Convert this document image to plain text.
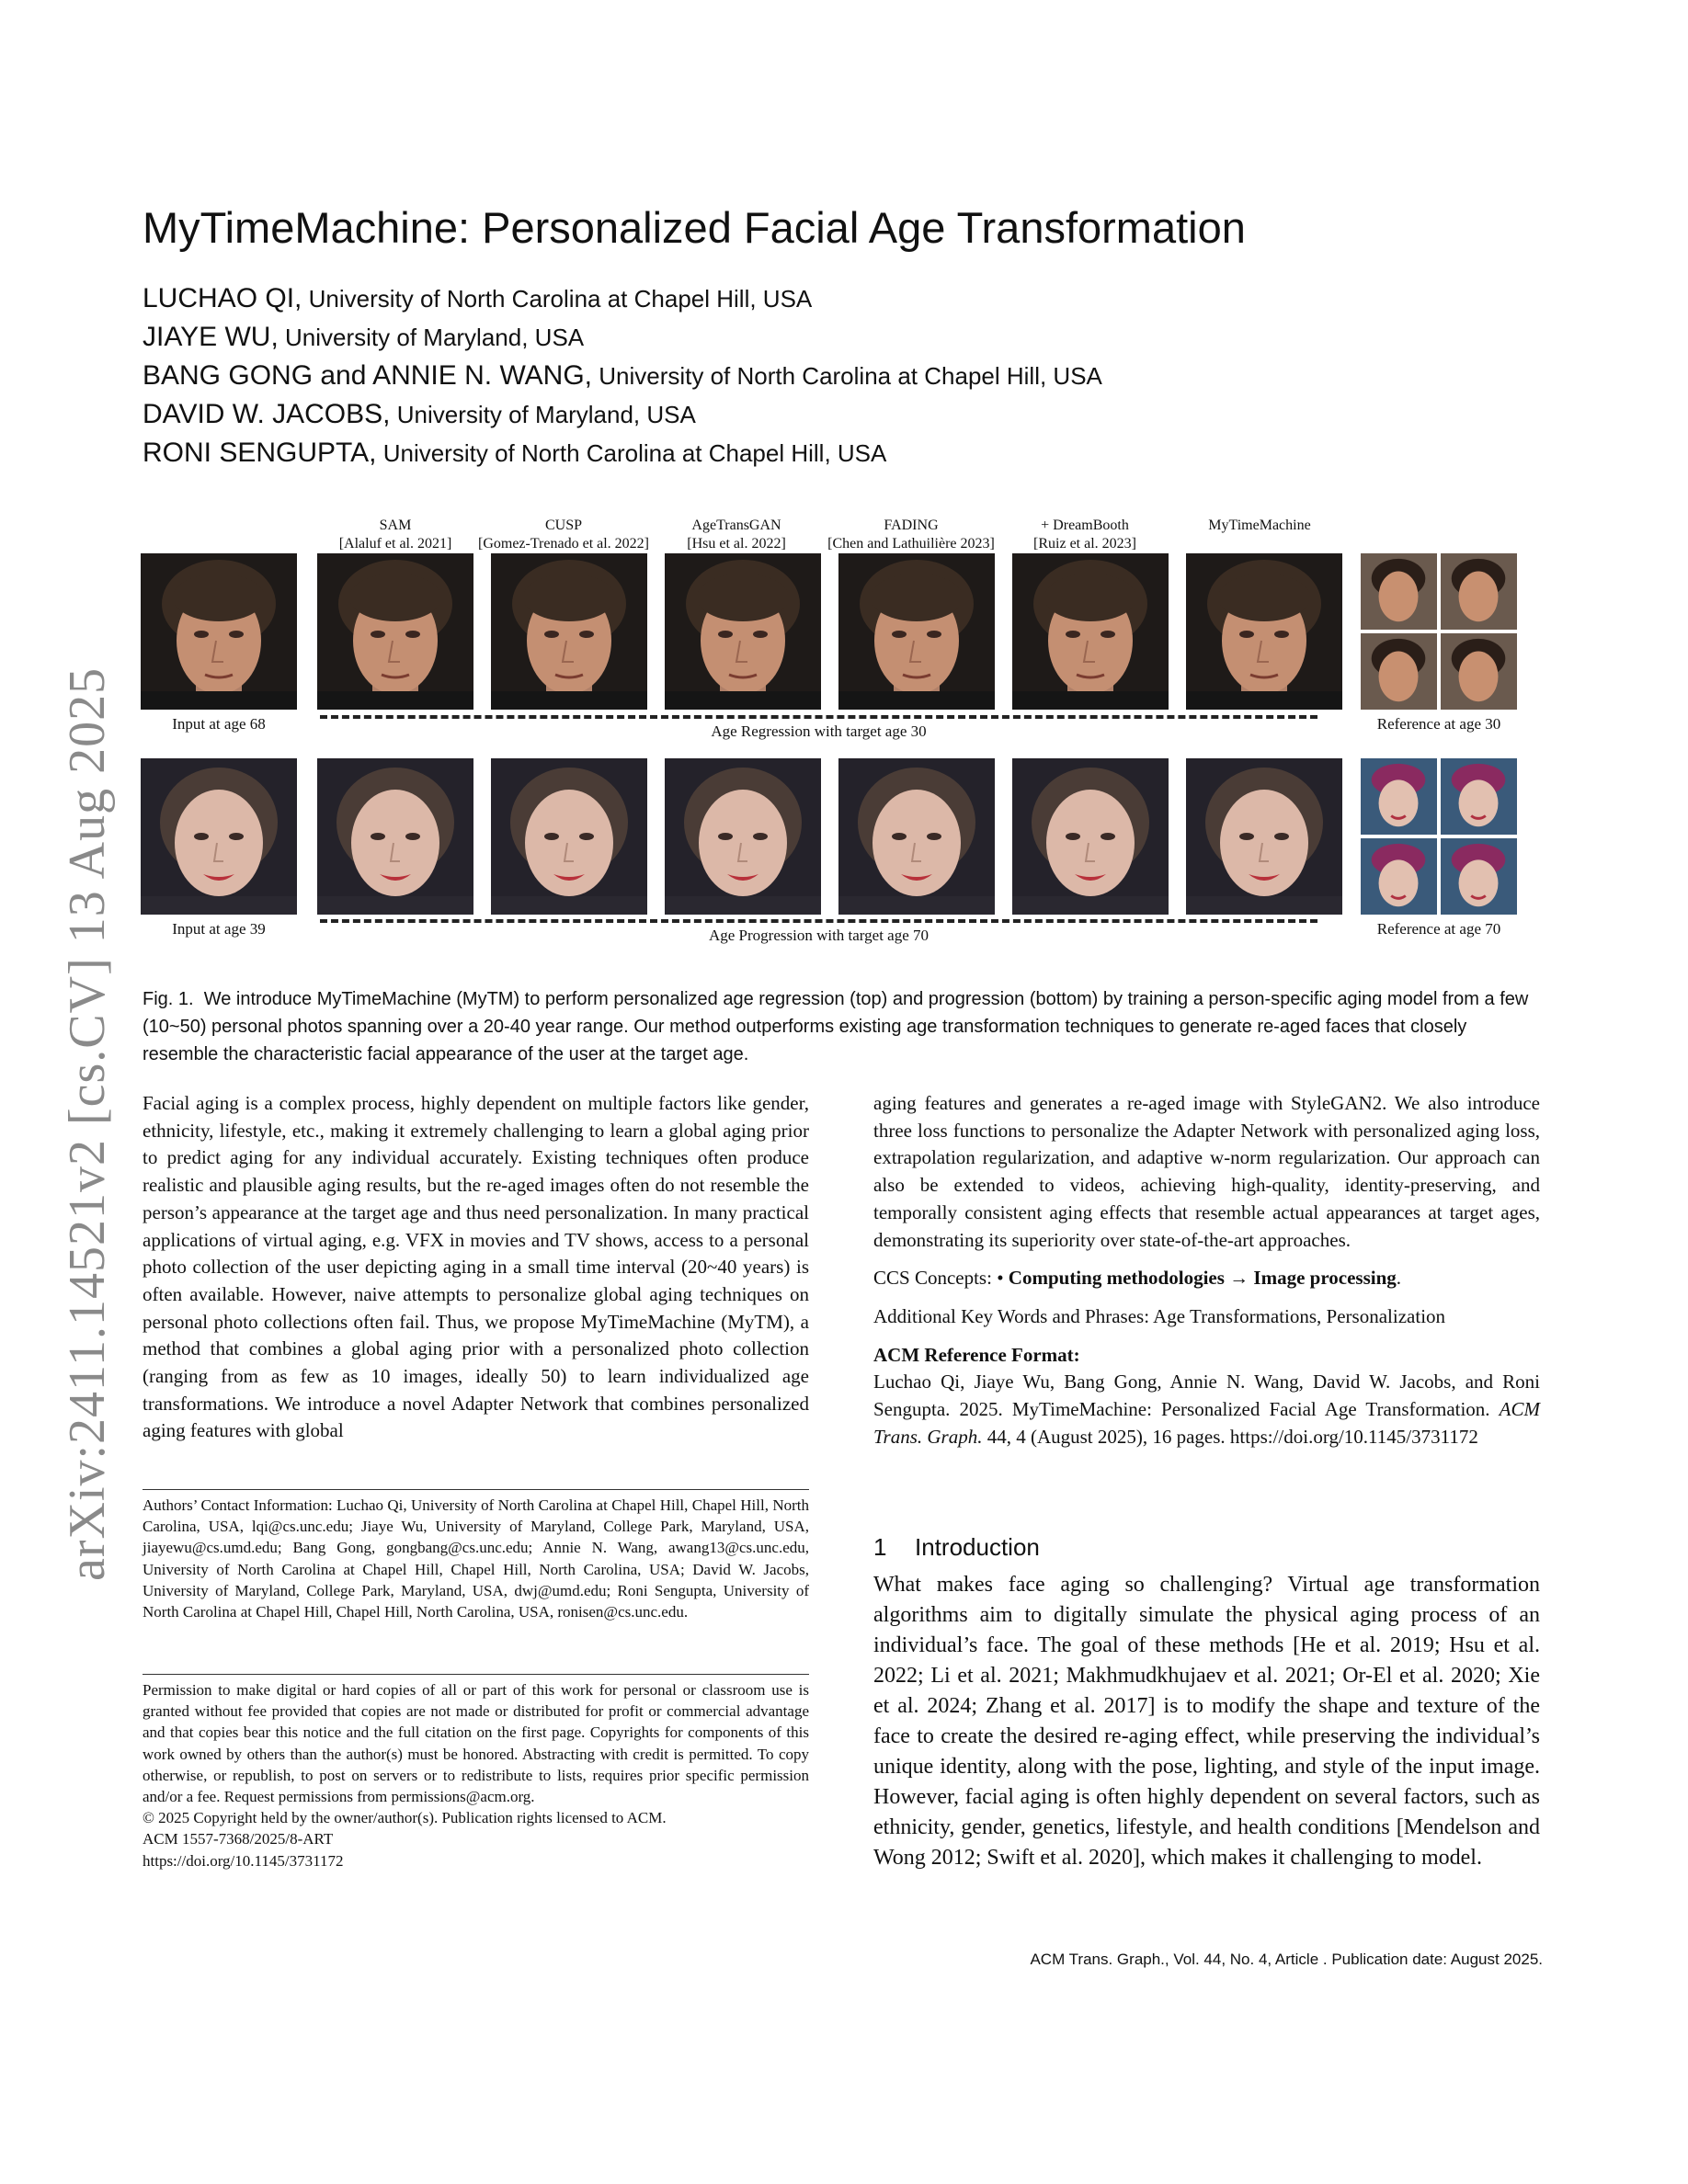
arXiv:2411.14521v2 [cs.CV] 13 Aug 2025
MyTimeMachine: Personalized Facial Age Transformation
LUCHAO QI, University of North Carolina at Chapel Hill, USA
JIAYE WU, University of Maryland, USA
BANG GONG and ANNIE N. WANG, University of North Carolina at Chapel Hill, USA
DAVID W. JACOBS, University of Maryland, USA
RONI SENGUPTA, University of North Carolina at Chapel Hill, USA
SAM
[Alaluf et al. 2021]
CUSP
[Gomez-Trenado et al. 2022]
AgeTransGAN
[Hsu et al. 2022]
FADING
[Chen and Lathuilière 2023]
+ DreamBooth
[Ruiz et al. 2023]
MyTimeMachine
Input at age 68	Age Regression with target age 30	Reference at age 30
Input at age 39	Age Progression with target age 70	Reference at age 70

Fig. 1. We introduce MyTimeMachine (MyTM) to perform personalized age regression (top) and progression (bottom) by training a person-specific aging model from a few (10~50) personal photos spanning over a 20-40 year range. Our method outperforms existing age transformation techniques to generate re-aged faces that closely resemble the characteristic facial appearance of the user at the target age.

Facial aging is a complex process, highly dependent on multiple factors like gender, ethnicity, lifestyle, etc., making it extremely challenging to learn a global aging prior to predict aging for any individual accurately. Existing techniques often produce realistic and plausible aging results, but the re-aged images often do not resemble the person’s appearance at the target age and thus need personalization. In many practical applications of virtual aging, e.g. VFX in movies and TV shows, access to a personal photo collection of the user depicting aging in a small time interval (20~40 years) is often available. However, naive attempts to personalize global aging techniques on personal photo collections often fail. Thus, we propose MyTimeMachine (MyTM), a method that combines a global aging prior with a personalized photo collection (ranging from as few as 10 images, ideally 50) to learn individualized age transformations. We introduce a novel Adapter Network that combines personalized aging features with global

aging features and generates a re-aged image with StyleGAN2. We also introduce three loss functions to personalize the Adapter Network with personalized aging loss, extrapolation regularization, and adaptive w-norm regularization. Our approach can also be extended to videos, achieving high-quality, identity-preserving, and temporally consistent aging effects that resemble actual appearances at target ages, demonstrating its superiority over state-of-the-art approaches.

CCS Concepts: • Computing methodologies → Image processing.

Additional Key Words and Phrases: Age Transformations, Personalization

ACM Reference Format:

Luchao Qi, Jiaye Wu, Bang Gong, Annie N. Wang, David W. Jacobs, and Roni Sengupta. 2025. MyTimeMachine: Personalized Facial Age Transformation. ACM Trans. Graph. 44, 4 (August 2025), 16 pages. https://doi.org/10.1145/3731172

Authors’ Contact Information: Luchao Qi, University of North Carolina at Chapel Hill, Chapel Hill, North Carolina, USA, lqi@cs.unc.edu; Jiaye Wu, University of Maryland, College Park, Maryland, USA, jiayewu@cs.umd.edu; Bang Gong, gongbang@cs.unc.edu; Annie N. Wang, awang13@cs.unc.edu, University of North Carolina at Chapel Hill, Chapel Hill, North Carolina, USA; David W. Jacobs, University of Maryland, College Park, Maryland, USA, dwj@umd.edu; Roni Sengupta, University of North Carolina at Chapel Hill, Chapel Hill, North Carolina, USA, ronisen@cs.unc.edu.

Permission to make digital or hard copies of all or part of this work for personal or classroom use is granted without fee provided that copies are not made or distributed for profit or commercial advantage and that copies bear this notice and the full citation on the first page. Copyrights for components of this work owned by others than the author(s) must be honored. Abstracting with credit is permitted. To copy otherwise, or republish, to post on servers or to redistribute to lists, requires prior specific permission and/or a fee. Request permissions from permissions@acm.org.

© 2025 Copyright held by the owner/author(s). Publication rights licensed to ACM.

ACM 1557-7368/2025/8-ART

https://doi.org/10.1145/3731172

1 Introduction
What makes face aging so challenging? Virtual age transformation algorithms aim to digitally simulate the physical aging process of an individual’s face. The goal of these methods [He et al. 2019; Hsu et al. 2022; Li et al. 2021; Makhmudkhujaev et al. 2021; Or-El et al. 2020; Xie et al. 2024; Zhang et al. 2017] is to modify the shape and texture of the face to create the desired re-aging effect, while preserving the individual’s unique identity, along with the pose, lighting, and style of the input image. However, facial aging is often highly dependent on several factors, such as ethnicity, gender, genetics, lifestyle, and health conditions [Mendelson and Wong 2012; Swift et al. 2020], which makes it challenging to model.
ACM Trans. Graph., Vol. 44, No. 4, Article . Publication date: August 2025.
